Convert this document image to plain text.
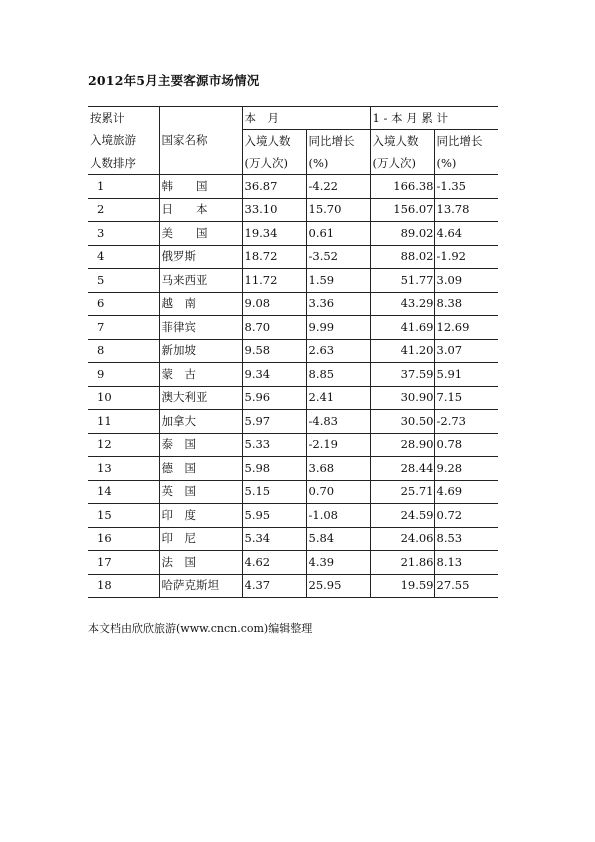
2012年5月主要客源市场情况
按累计		本　月		1 - 本 月 累 计	
入境旅游	国家名称	入境人数	同比增长	入境人数	同比增长
人数排序		(万人次)	(%)	(万人次)	(%)
1	韩　　国	36.87	-4.22	166.38	-1.35
2	日　　本	33.10	15.70	156.07	13.78
3	美　　国	19.34	0.61	89.02	4.64
4	俄罗斯	18.72	-3.52	88.02	-1.92
5	马来西亚	11.72	1.59	51.77	3.09
6	越　南	9.08	3.36	43.29	8.38
7	菲律宾	8.70	9.99	41.69	12.69
8	新加坡	9.58	2.63	41.20	3.07
9	蒙　古	9.34	8.85	37.59	5.91
10	澳大利亚	5.96	2.41	30.90	7.15
11	加拿大	5.97	-4.83	30.50	-2.73
12	泰　国	5.33	-2.19	28.90	0.78
13	德　国	5.98	3.68	28.44	9.28
14	英　国	5.15	0.70	25.71	4.69
15	印　度	5.95	-1.08	24.59	0.72
16	印　尼	5.34	5.84	24.06	8.53
17	法　国	4.62	4.39	21.86	8.13
18	哈萨克斯坦	4.37	25.95	19.59	27.55
本文档由欣欣旅游(www.cncn.com)编辑整理
